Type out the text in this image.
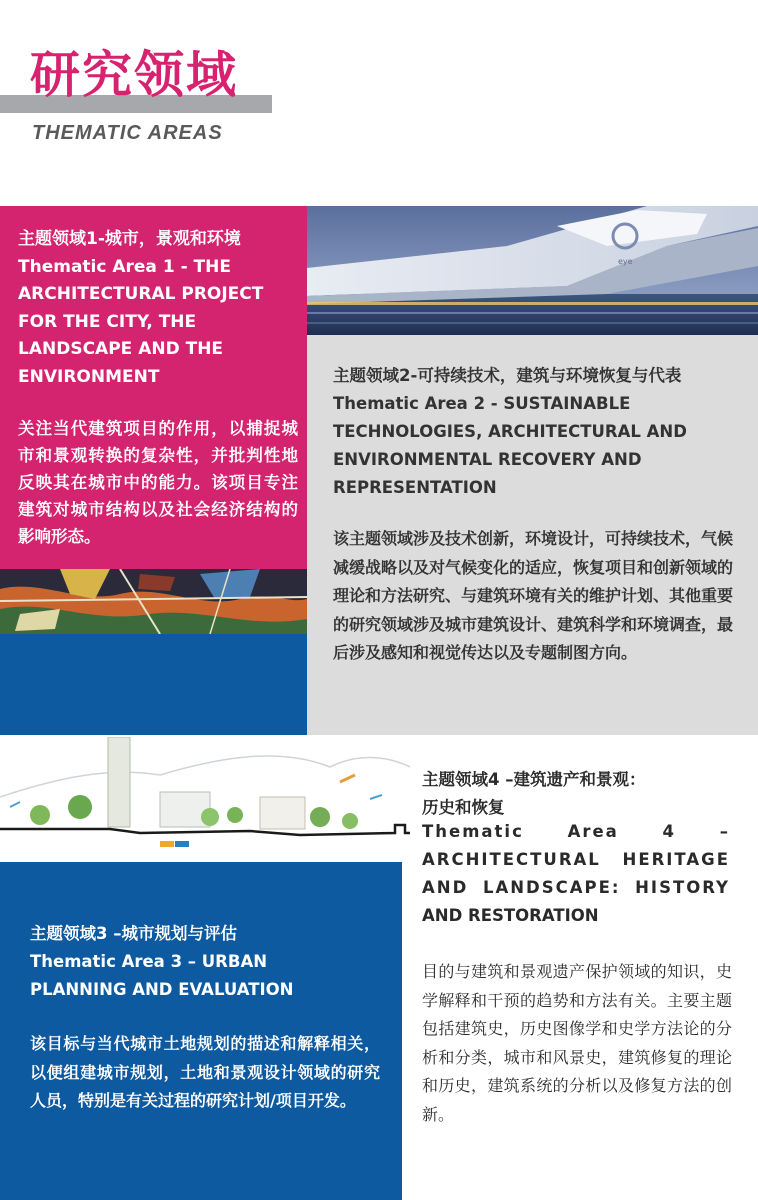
研究领域
THEMATIC AREAS
eye
主题领域1-城市，景观和环境
Thematic Area 1 - THE
ARCHITECTURAL PROJECT
FOR THE CITY, THE
LANDSCAPE AND THE
ENVIRONMENT
关注当代建筑项目的作用，以捕捉城市和景观转换的复杂性，并批判性地反映其在城市中的能力。该项目专注建筑对城市结构以及社会经济结构的影响形态。
主题领域2-可持续技术，建筑与环境恢复与代表
Thematic Area 2 - SUSTAINABLE
TECHNOLOGIES, ARCHITECTURAL AND
ENVIRONMENTAL RECOVERY AND
REPRESENTATION
该主题领域涉及技术创新，环境设计，可持续技术，气候减缓战略以及对气候变化的适应，恢复项目和创新领域的理论和方法研究、与建筑环境有关的维护计划、其他重要的研究领域涉及城市建筑设计、建筑科学和环境调查，最后涉及感知和视觉传达以及专题制图方向。
主题领域4 –建筑遗产和景观：
历史和恢复
Thematic Area 4 –
ARCHITECTURAL HERITAGE
AND LANDSCAPE: HISTORY
AND RESTORATION
目的与建筑和景观遗产保护领域的知识，史学解释和干预的趋势和方法有关。主要主题包括建筑史，历史图像学和史学方法论的分析和分类，城市和风景史，建筑修复的理论和历史，建筑系统的分析以及修复方法的创新。
主题领域3 –城市规划与评估
Thematic Area 3 – URBAN
PLANNING AND EVALUATION
该目标与当代城市土地规划的描述和解释相关，以便组建城市规划，土地和景观设计领域的研究人员，特别是有关过程的研究计划/项目开发。
